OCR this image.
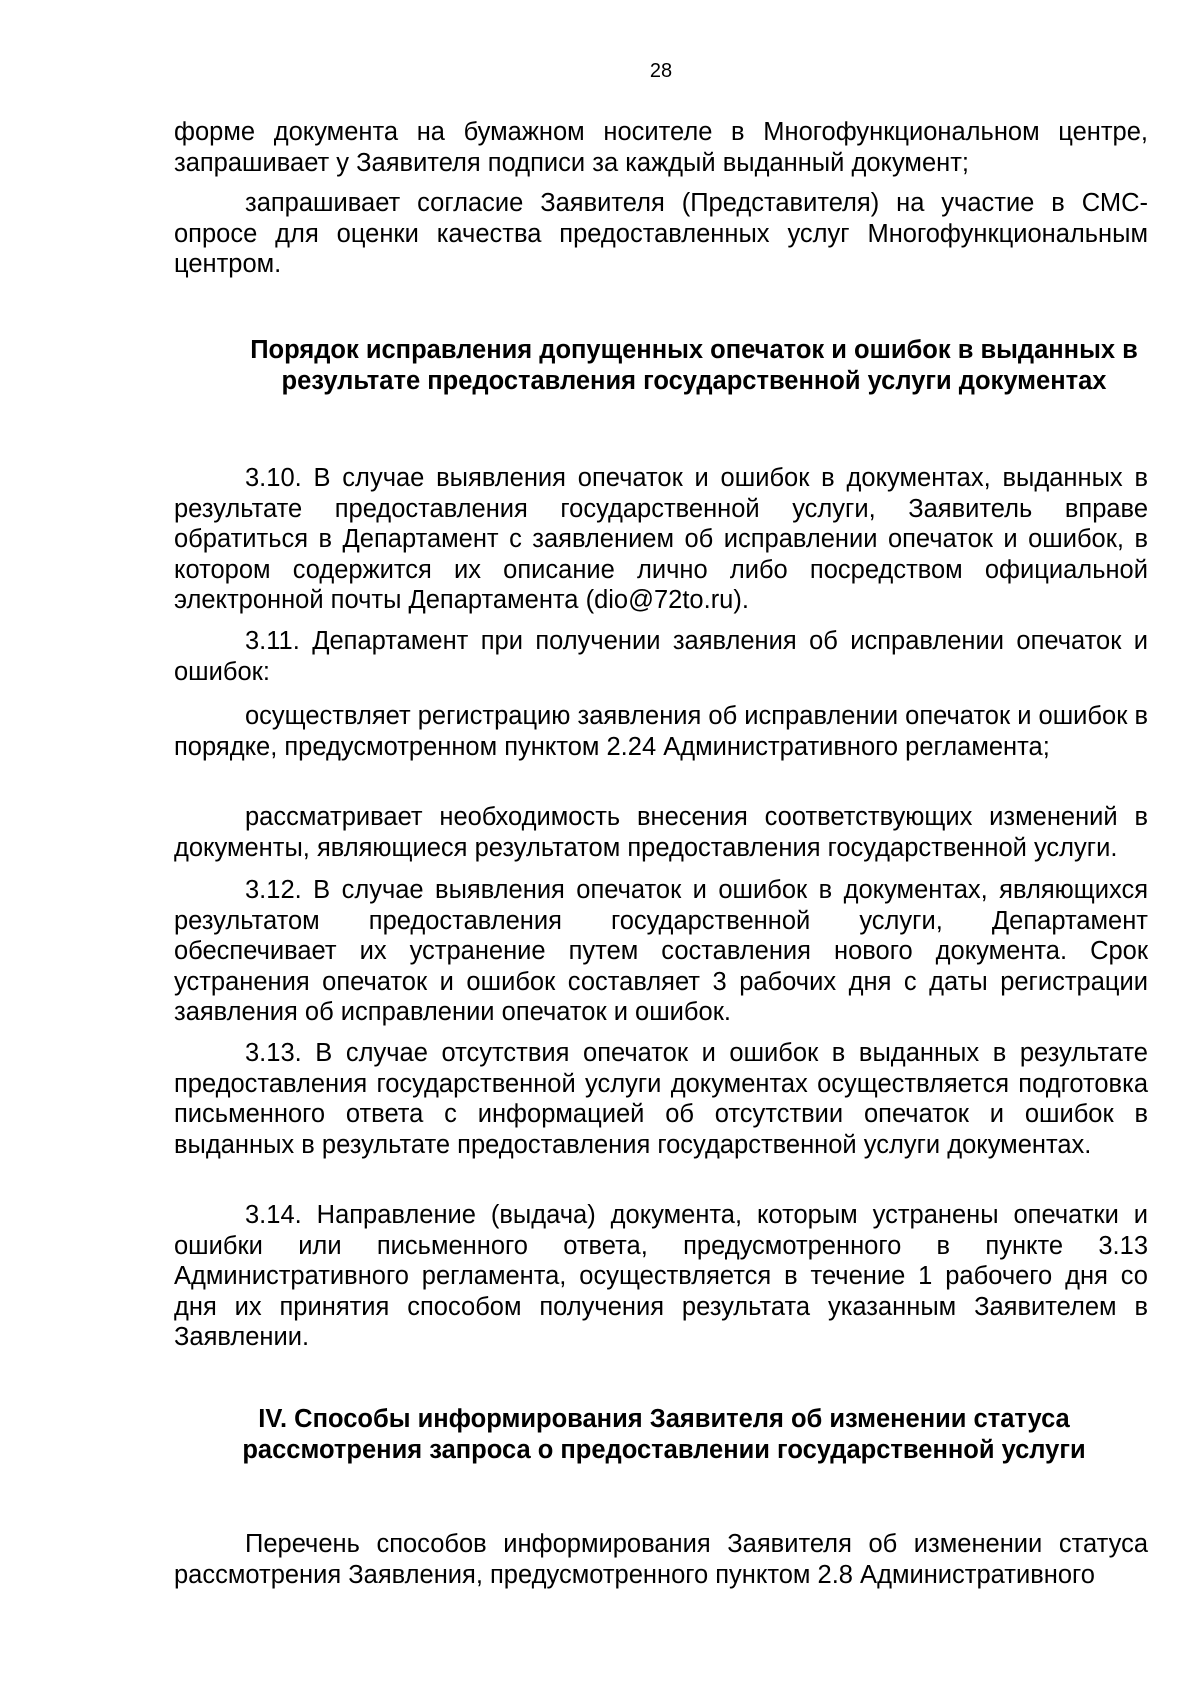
28

форме документа на бумажном носителе в Многофункциональном центре, запрашивает у Заявителя подписи за каждый выданный документ;

запрашивает согласие Заявителя (Представителя) на участие в СМС-опросе для оценки качества предоставленных услуг Многофункциональным центром.

Порядок исправления допущенных опечаток и ошибок в выданных в результате предоставления государственной услуги документах

3.10. В случае выявления опечаток и ошибок в документах, выданных в результате предоставления государственной услуги, Заявитель вправе обратиться в Департамент с заявлением об исправлении опечаток и ошибок, в котором содержится их описание лично либо посредством официальной электронной почты Департамента (dio@72to.ru).

3.11. Департамент при получении заявления об исправлении опечаток и ошибок:

осуществляет регистрацию заявления об исправлении опечаток и ошибок в порядке, предусмотренном пунктом 2.24 Административного регламента;

рассматривает необходимость внесения соответствующих изменений в документы, являющиеся результатом предоставления государственной услуги.

3.12. В случае выявления опечаток и ошибок в документах, являющихся результатом предоставления государственной услуги, Департамент обеспечивает их устранение путем составления нового документа. Срок устранения опечаток и ошибок составляет 3 рабочих дня с даты регистрации заявления об исправлении опечаток и ошибок.

3.13. В случае отсутствия опечаток и ошибок в выданных в результате предоставления государственной услуги документах осуществляется подготовка письменного ответа с информацией об отсутствии опечаток и ошибок в выданных в результате предоставления государственной услуги документах.

3.14. Направление (выдача) документа, которым устранены опечатки и ошибки или письменного ответа, предусмотренного в пункте 3.13 Административного регламента, осуществляется в течение 1 рабочего дня со дня их принятия способом получения результата указанным Заявителем в Заявлении.

IV. Способы информирования Заявителя об изменении статуса рассмотрения запроса о предоставлении государственной услуги

Перечень способов информирования Заявителя об изменении статуса рассмотрения Заявления, предусмотренного пунктом 2.8 Административного
